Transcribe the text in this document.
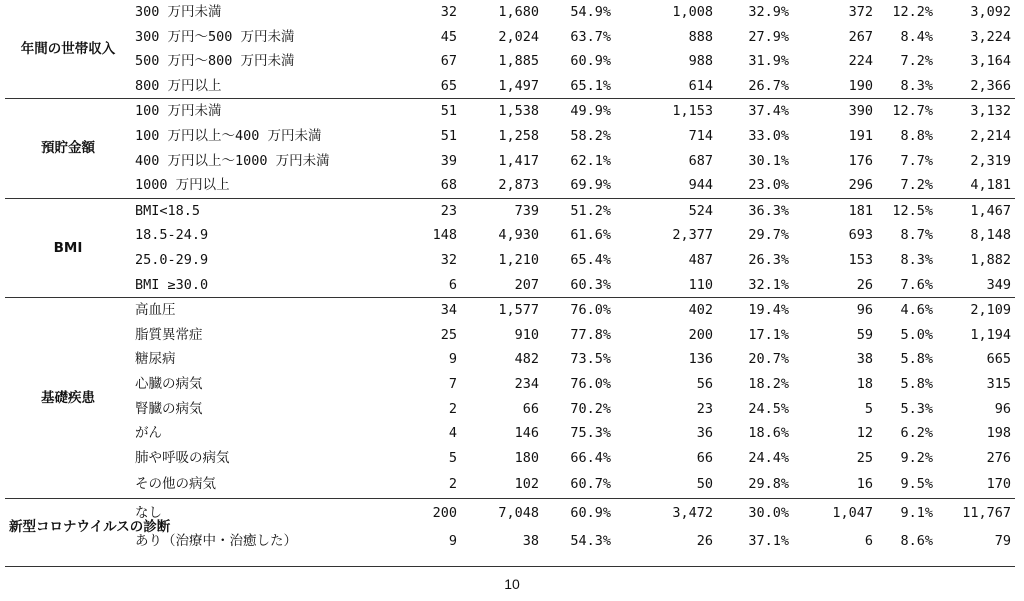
年間の世帯収入	300 万円未満	32	1,680	54.9%	1,008	32.9%	372	12.2%	3,092
	300 万円～500 万円未満	45	2,024	63.7%	888	27.9%	267	8.4%	3,224
	500 万円～800 万円未満	67	1,885	60.9%	988	31.9%	224	7.2%	3,164
	800 万円以上	65	1,497	65.1%	614	26.7%	190	8.3%	2,366
預貯金額	100 万円未満	51	1,538	49.9%	1,153	37.4%	390	12.7%	3,132
	100 万円以上～400 万円未満	51	1,258	58.2%	714	33.0%	191	8.8%	2,214
	400 万円以上～1000 万円未満	39	1,417	62.1%	687	30.1%	176	7.7%	2,319
	1000 万円以上	68	2,873	69.9%	944	23.0%	296	7.2%	4,181
BMI	BMI<18.5	23	739	51.2%	524	36.3%	181	12.5%	1,467
	18.5-24.9	148	4,930	61.6%	2,377	29.7%	693	8.7%	8,148
	25.0-29.9	32	1,210	65.4%	487	26.3%	153	8.3%	1,882
	BMI ≥30.0	6	207	60.3%	110	32.1%	26	7.6%	349
基礎疾患	高血圧	34	1,577	76.0%	402	19.4%	96	4.6%	2,109
	脂質異常症	25	910	77.8%	200	17.1%	59	5.0%	1,194
	糖尿病	9	482	73.5%	136	20.7%	38	5.8%	665
	心臓の病気	7	234	76.0%	56	18.2%	18	5.8%	315
	腎臓の病気	2	66	70.2%	23	24.5%	5	5.3%	96
	がん	4	146	75.3%	36	18.6%	12	6.2%	198
	肺や呼吸の病気	5	180	66.4%	66	24.4%	25	9.2%	276
	その他の病気	2	102	60.7%	50	29.8%	16	9.5%	170
新型コロナウイルスの診断	なし	200	7,048	60.9%	3,472	30.0%	1,047	9.1%	11,767
	あり（治療中・治癒した）	9	38	54.3%	26	37.1%	6	8.6%	79
10
